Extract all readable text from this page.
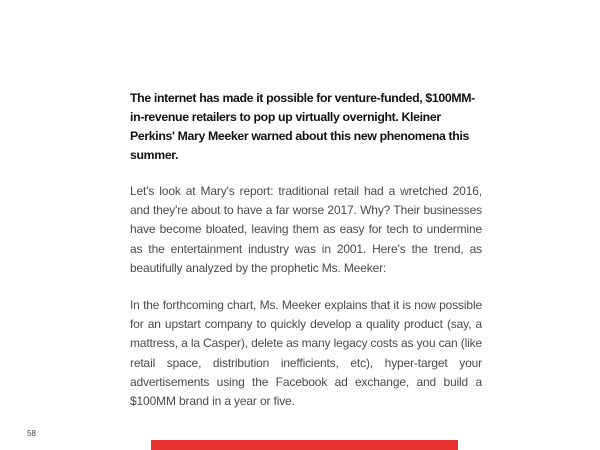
The internet has made it possible for venture-funded, $100MM-in-revenue retailers to pop up virtually overnight. Kleiner Perkins' Mary Meeker warned about this new phenomena this summer.

Let's look at Mary's report: traditional retail had a wretched 2016, and they're about to have a far worse 2017. Why? Their businesses have become bloated, leaving them as easy for tech to undermine as the entertainment industry was in 2001. Here's the trend, as beautifully analyzed by the prophetic Ms. Meeker:

In the forthcoming chart, Ms. Meeker explains that it is now possible for an upstart company to quickly develop a quality product (say, a mattress, a la Casper), delete as many legacy costs as you can (like retail space, distribution inefficients, etc), hyper-target your advertisements using the Facebook ad exchange, and build a $100MM brand in a year or five.

58
